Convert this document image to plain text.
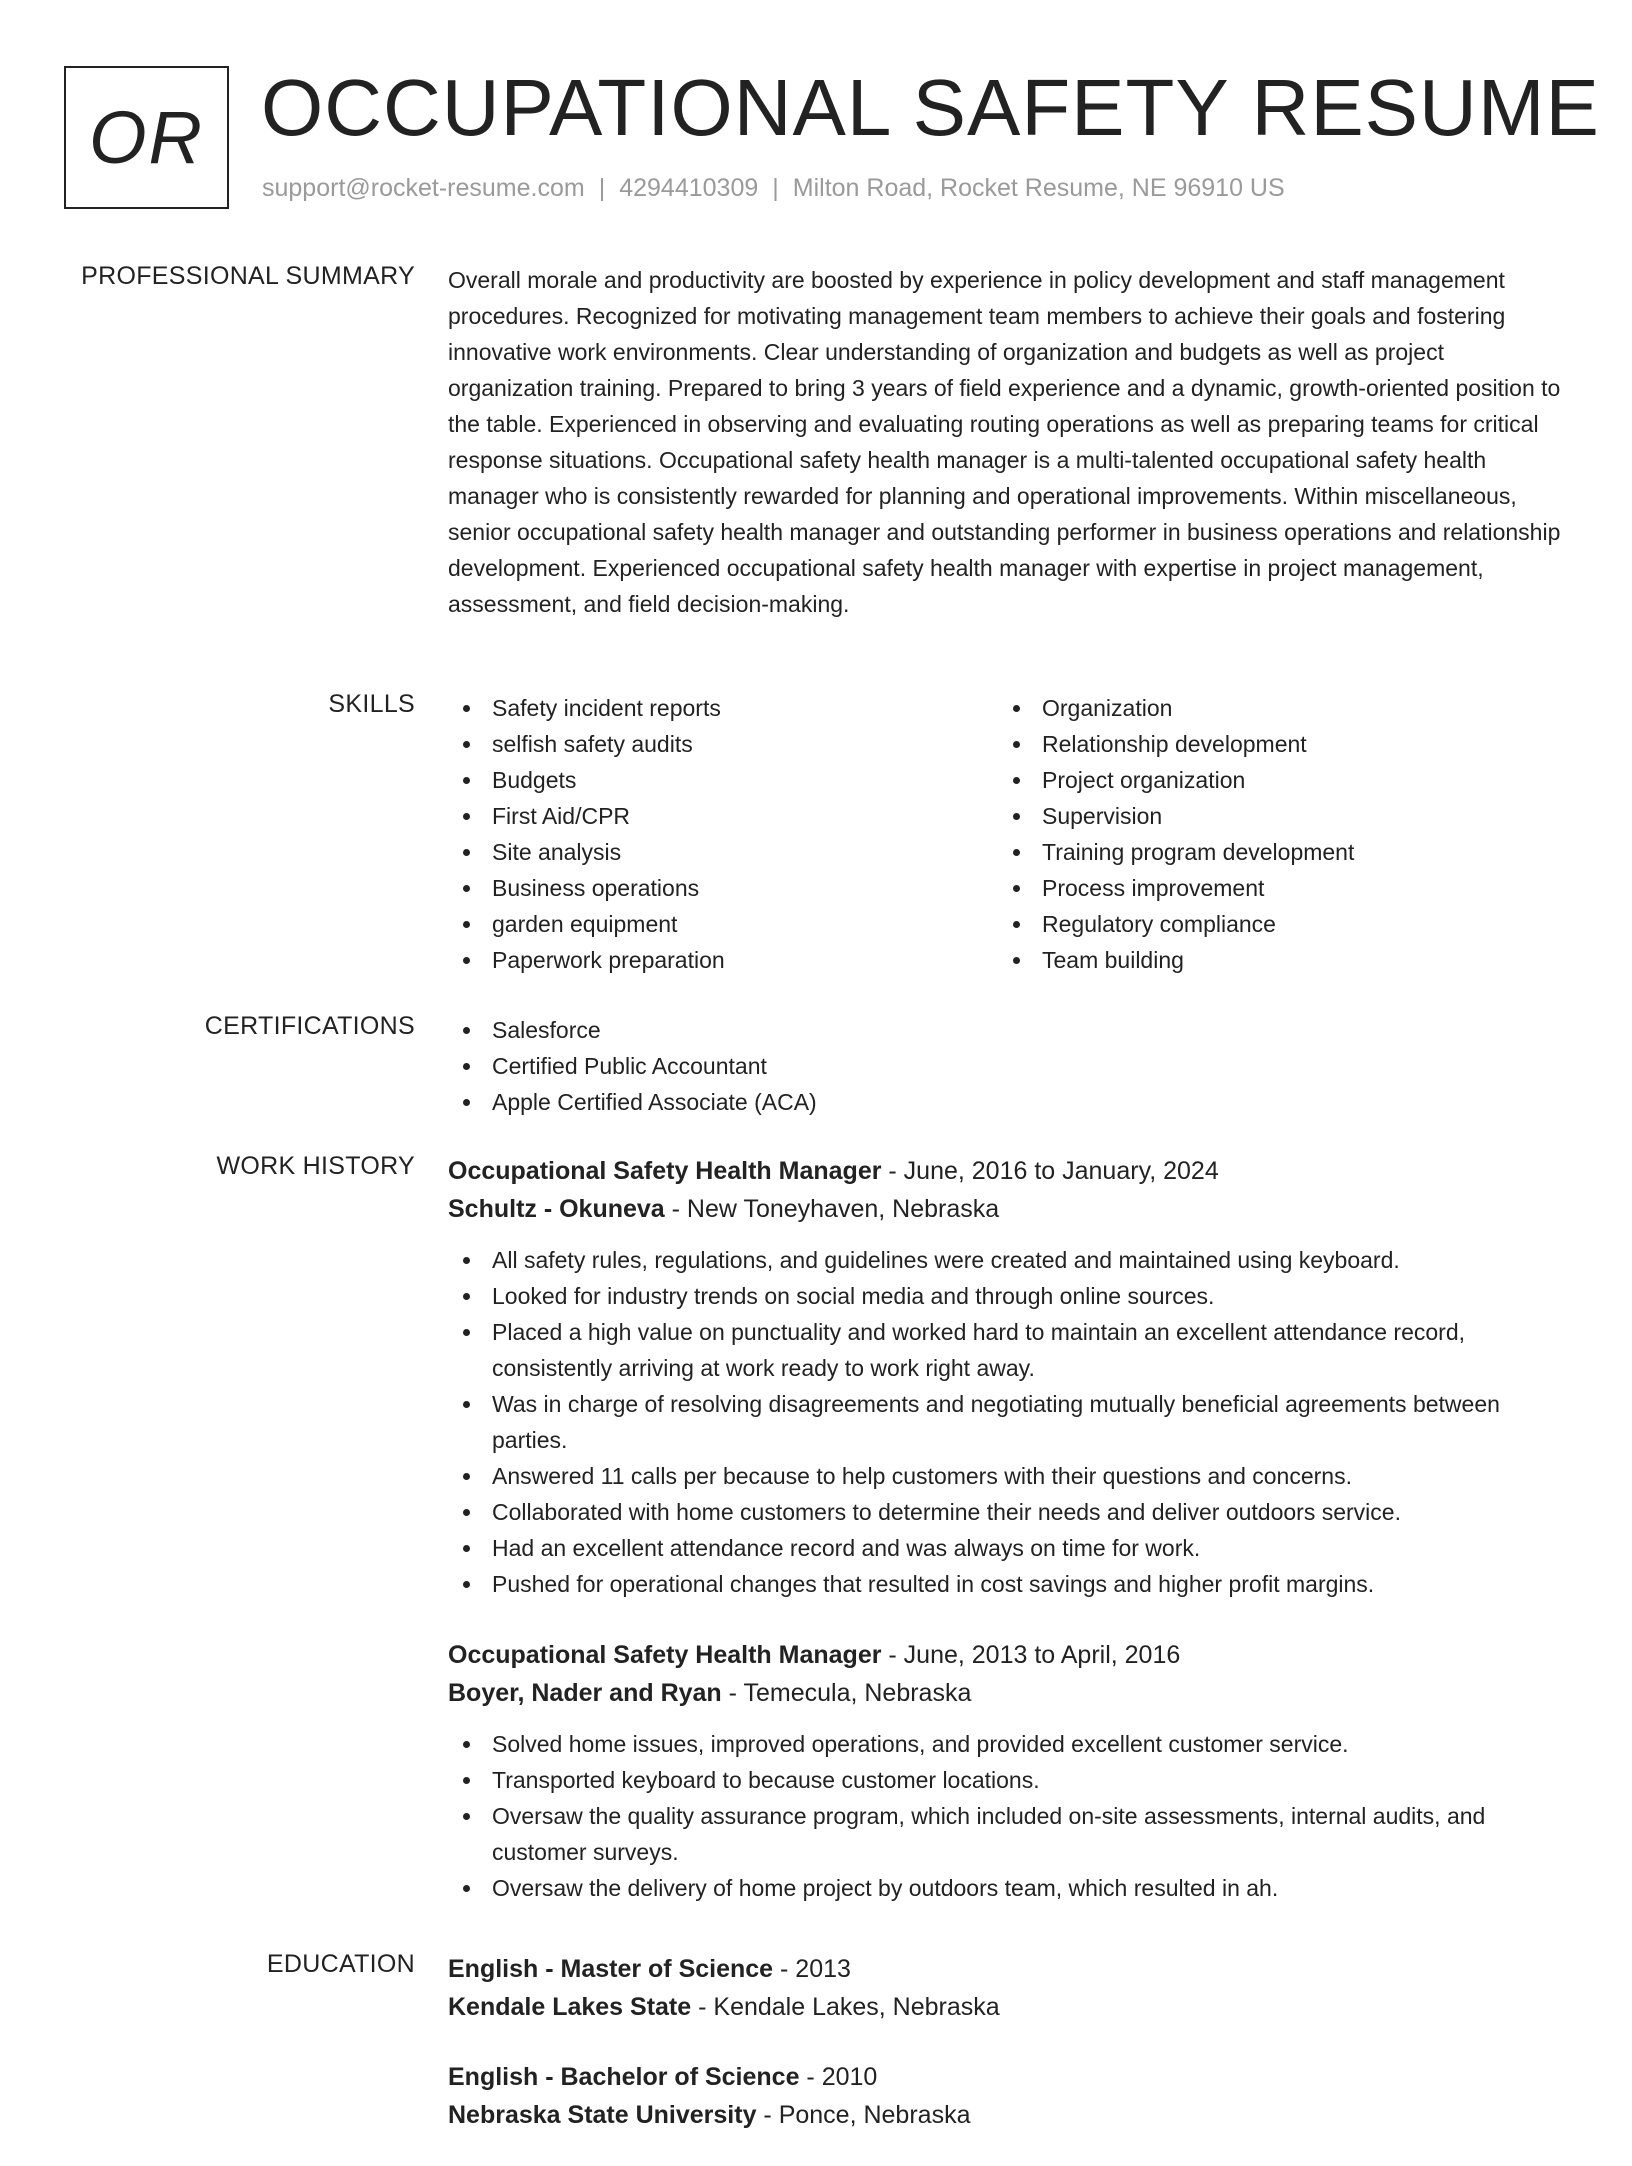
OR OCCUPATIONAL SAFETY RESUME
support@rocket-resume.com | 4294410309 | Milton Road, Rocket Resume, NE 96910 US
PROFESSIONAL SUMMARY Overall morale and productivity are boosted by experience in policy development and staff management procedures. Recognized for motivating management team members to achieve their goals and fostering innovative work environments. Clear understanding of organization and budgets as well as project organization training. Prepared to bring 3 years of field experience and a dynamic, growth-oriented position to the table. Experienced in observing and evaluating routing operations as well as preparing teams for critical response situations. Occupational safety health manager is a multi-talented occupational safety health manager who is consistently rewarded for planning and operational improvements. Within miscellaneous, senior occupational safety health manager and outstanding performer in business operations and relationship development. Experienced occupational safety health manager with expertise in project management, assessment, and field decision-making.
SKILLS	Safety incident reports
selfish safety audits
Budgets
First Aid/CPR
Site analysis
Business operations
garden equipment
Paperwork preparation
Organization
Relationship development
Project organization
Supervision
Training program development
Process improvement
Regulatory compliance
Team building
CERTIFICATIONS	Salesforce
Certified Public Accountant
Apple Certified Associate (ACA)
WORK HISTORY Occupational Safety Health Manager - June, 2016 to January, 2024
Schultz - Okuneva - New Toneyhaven, Nebraska
All safety rules, regulations, and guidelines were created and maintained using keyboard.
Looked for industry trends on social media and through online sources.
Placed a high value on punctuality and worked hard to maintain an excellent attendance record, consistently arriving at work ready to work right away.
Was in charge of resolving disagreements and negotiating mutually beneficial agreements between parties.
Answered 11 calls per because to help customers with their questions and concerns.
Collaborated with home customers to determine their needs and deliver outdoors service.
Had an excellent attendance record and was always on time for work.
Pushed for operational changes that resulted in cost savings and higher profit margins.
Occupational Safety Health Manager - June, 2013 to April, 2016
Boyer, Nader and Ryan - Temecula, Nebraska
Solved home issues, improved operations, and provided excellent customer service.
Transported keyboard to because customer locations.
Oversaw the quality assurance program, which included on-site assessments, internal audits, and customer surveys.
Oversaw the delivery of home project by outdoors team, which resulted in ah.
EDUCATION English - Master of Science - 2013
Kendale Lakes State - Kendale Lakes, Nebraska
English - Bachelor of Science - 2010
Nebraska State University - Ponce, Nebraska
